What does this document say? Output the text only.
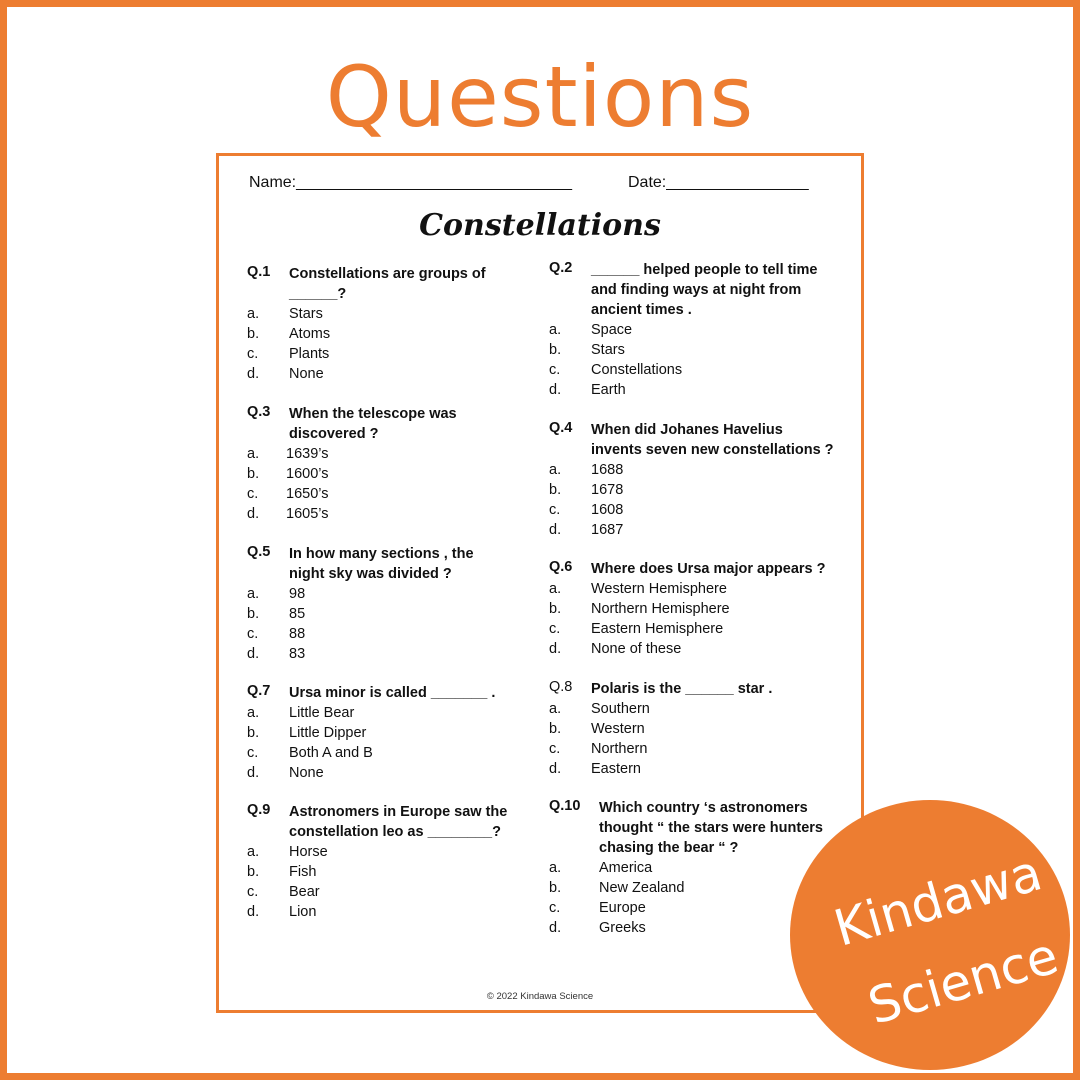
Questions
Name:_______________________________	Date:________________
Constellations
Q.1 Constellations are groups of ______?
a. Stars
b. Atoms
c. Plants
d. None
Q.2 ______ helped people to tell time and finding ways at night from ancient times .
a. Space
b. Stars
c. Constellations
d. Earth
Q.3 When the telescope was discovered ?
a. 1639’s
b. 1600’s
c. 1650’s
d. 1605’s
Q.4 When did Johanes Havelius invents seven new constellations ?
a. 1688
b. 1678
c. 1608
d. 1687
Q.5 In how many sections , the night sky was divided ?
a. 98
b. 85
c. 88
d. 83
Q.6 Where does Ursa major appears ?
a. Western Hemisphere
b. Northern Hemisphere
c. Eastern Hemisphere
d. None of these
Q.7 Ursa minor is called _______ .
a. Little Bear
b. Little Dipper
c. Both A and B
d. None
Q.8 Polaris is the ______ star .
a. Southern
b. Western
c. Northern
d. Eastern
Q.9 Astronomers in Europe saw the constellation leo as ________?
a. Horse
b. Fish
c. Bear
d. Lion
Q.10 Which country ‘s astronomers thought “ the stars were hunters chasing the bear “ ?
a.	America
b.	New Zealand
c.	Europe
d.	Greeks
© 2022 Kindawa Science
Kindawa
Science
